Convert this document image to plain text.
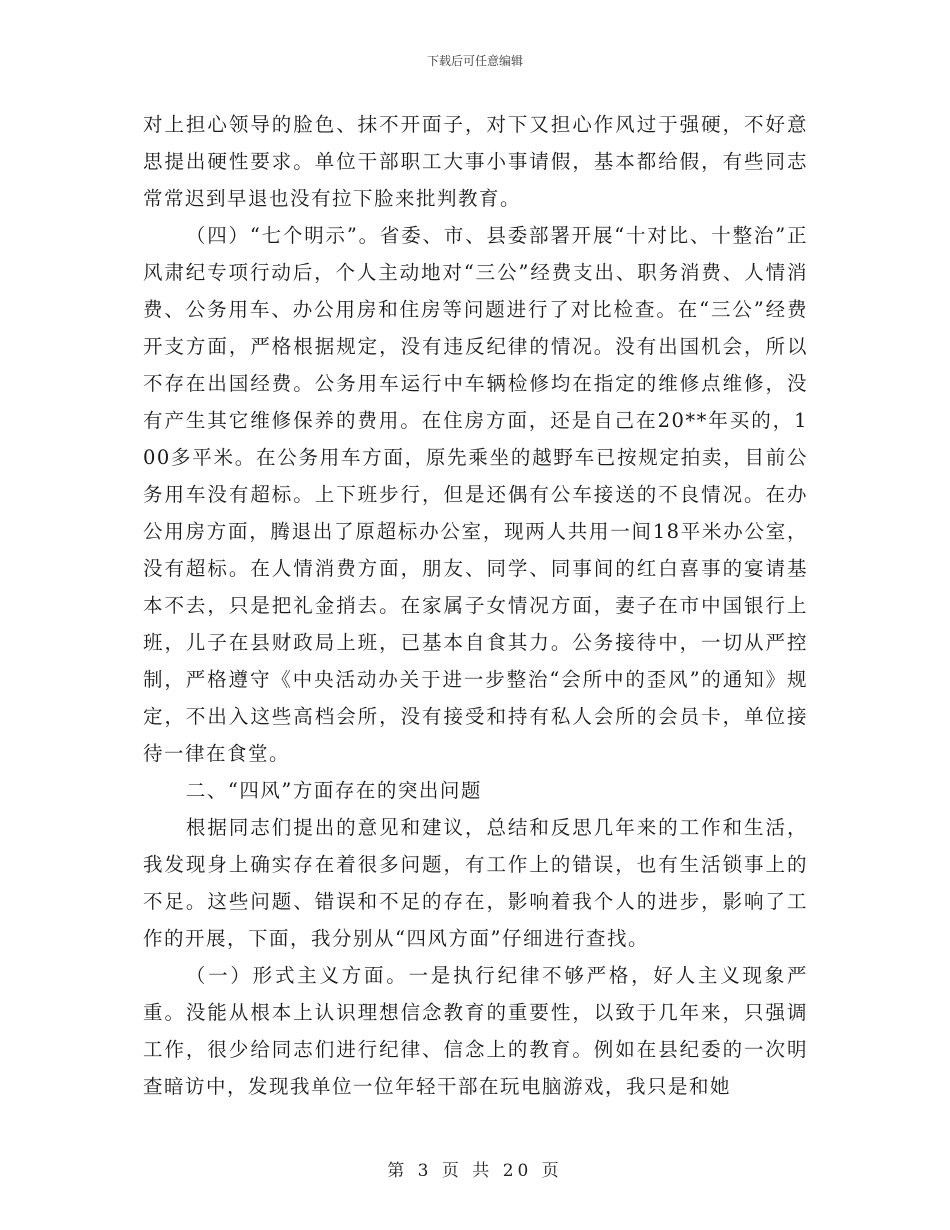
下载后可任意编辑

对上担心领导的脸色、抹不开面子，对下又担心作风过于强硬，不好意思提出硬性要求。单位干部职工大事小事请假，基本都给假，有些同志常常迟到早退也没有拉下脸来批判教育。

（四）“七个明示”。省委、市、县委部署开展“十对比、十整治”正风肃纪专项行动后，个人主动地对“三公”经费支出、职务消费、人情消费、公务用车、办公用房和住房等问题进行了对比检查。在“三公”经费开支方面，严格根据规定，没有违反纪律的情况。没有出国机会，所以不存在出国经费。公务用车运行中车辆检修均在指定的维修点维修，没有产生其它维修保养的费用。在住房方面，还是自己在20**年买的，100多平米。在公务用车方面，原先乘坐的越野车已按规定拍卖，目前公务用车没有超标。上下班步行，但是还偶有公车接送的不良情况。在办公用房方面，腾退出了原超标办公室，现两人共用一间18平米办公室，没有超标。在人情消费方面，朋友、同学、同事间的红白喜事的宴请基本不去，只是把礼金捎去。在家属子女情况方面，妻子在市中国银行上班，儿子在县财政局上班，已基本自食其力。公务接待中，一切从严控制，严格遵守《中央活动办关于进一步整治“会所中的歪风”的通知》规定，不出入这些高档会所，没有接受和持有私人会所的会员卡，单位接待一律在食堂。

二、“四风”方面存在的突出问题

根据同志们提出的意见和建议，总结和反思几年来的工作和生活，我发现身上确实存在着很多问题，有工作上的错误，也有生活锁事上的不足。这些问题、错误和不足的存在，影响着我个人的进步，影响了工作的开展，下面，我分别从“四风方面”仔细进行查找。

（一）形式主义方面。一是执行纪律不够严格，好人主义现象严重。没能从根本上认识理想信念教育的重要性，以致于几年来，只强调工作，很少给同志们进行纪律、信念上的教育。例如在县纪委的一次明查暗访中，发现我单位一位年轻干部在玩电脑游戏，我只是和她

第 3 页 共 20 页
